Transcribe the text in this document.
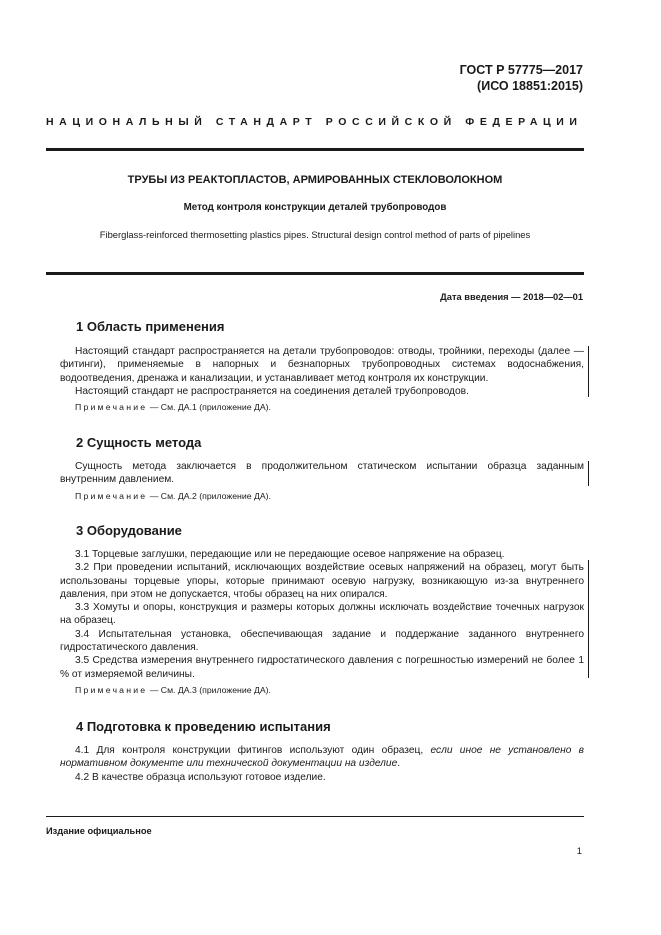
ГОСТ Р 57775—2017
(ИСО 18851:2015)
НАЦИОНАЛЬНЫЙ СТАНДАРТ РОССИЙСКОЙ ФЕДЕРАЦИИ
ТРУБЫ ИЗ РЕАКТОПЛАСТОВ, АРМИРОВАННЫХ СТЕКЛОВОЛОКНОМ
Метод контроля конструкции деталей трубопроводов
Fiberglass-reinforced thermosetting plastics pipes. Structural design control method of parts of pipelines
Дата введения — 2018—02—01
1 Область применения

Настоящий стандарт распространяется на детали трубопроводов: отводы, тройники, переходы (далее — фитинги), применяемые в напорных и безнапорных трубопроводных системах водоснабжения, водоотведения, дренажа и канализации, и устанавливает метод контроля их конструкции.

Настоящий стандарт не распространяется на соединения деталей трубопроводов.

Примечание — См. ДА.1 (приложение ДА).

2 Сущность метода

Сущность метода заключается в продолжительном статическом испытании образца заданным внутренним давлением.

Примечание — См. ДА.2 (приложение ДА).

3 Оборудование

3.1 Торцевые заглушки, передающие или не передающие осевое напряжение на образец.

3.2 При проведении испытаний, исключающих воздействие осевых напряжений на образец, могут быть использованы торцевые упоры, которые принимают осевую нагрузку, возникающую из-за внутреннего давления, при этом не допускается, чтобы образец на них опирался.

3.3 Хомуты и опоры, конструкция и размеры которых должны исключать воздействие точечных нагрузок на образец.

3.4 Испытательная установка, обеспечивающая задание и поддержание заданного внутреннего гидростатического давления.

3.5 Средства измерения внутреннего гидростатического давления с погрешностью измерений не более 1 % от измеряемой величины.

Примечание — См. ДА.3 (приложение ДА).

4 Подготовка к проведению испытания

4.1 Для контроля конструкции фитингов используют один образец, если иное не установлено в нормативном документе или технической документации на изделие.

4.2 В качестве образца используют готовое изделие.

Издание официальное
1
